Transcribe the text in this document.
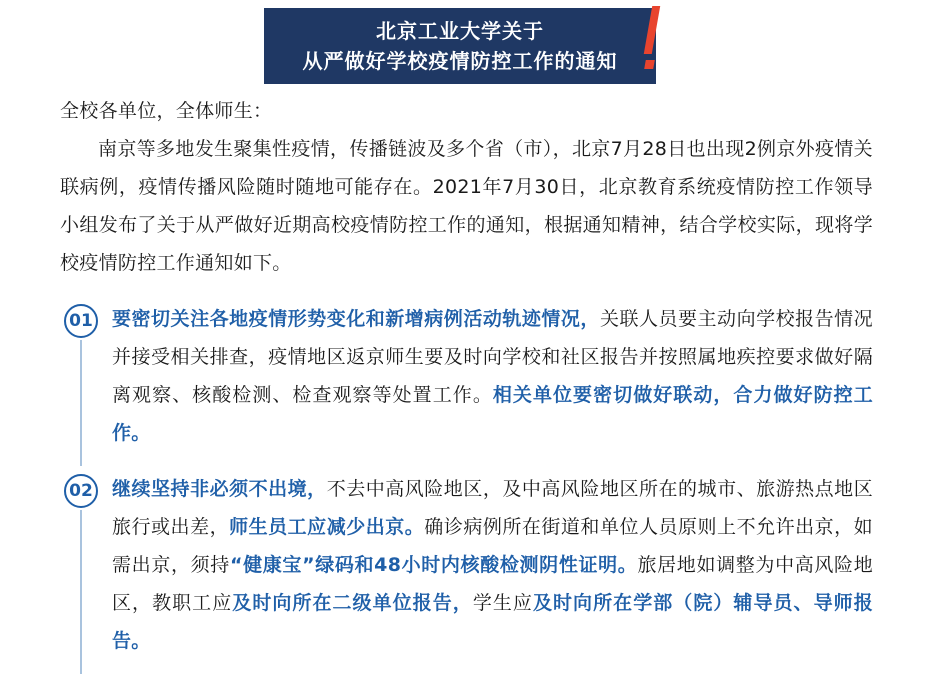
北京工业大学关于
从严做好学校疫情防控工作的通知

全校各单位，全体师生：

南京等多地发生聚集性疫情，传播链波及多个省（市），北京7月28日也出现2例京外疫情关联病例，疫情传播风险随时随地可能存在。2021年7月30日，北京教育系统疫情防控工作领导小组发布了关于从严做好近期高校疫情防控工作的通知，根据通知精神，结合学校实际，现将学校疫情防控工作通知如下。

01 要密切关注各地疫情形势变化和新增病例活动轨迹情况，关联人员要主动向学校报告情况并接受相关排查，疫情地区返京师生要及时向学校和社区报告并按照属地疾控要求做好隔离观察、核酸检测、检查观察等处置工作。相关单位要密切做好联动，合力做好防控工作。
02 继续坚持非必须不出境，不去中高风险地区，及中高风险地区所在的城市、旅游热点地区旅行或出差，师生员工应减少出京。确诊病例所在街道和单位人员原则上不允许出京，如需出京，须持“健康宝”绿码和48小时内核酸检测阴性证明。旅居地如调整为中高风险地区，教职工应及时向所在二级单位报告，学生应及时向所在学部（院）辅导员、导师报告。
